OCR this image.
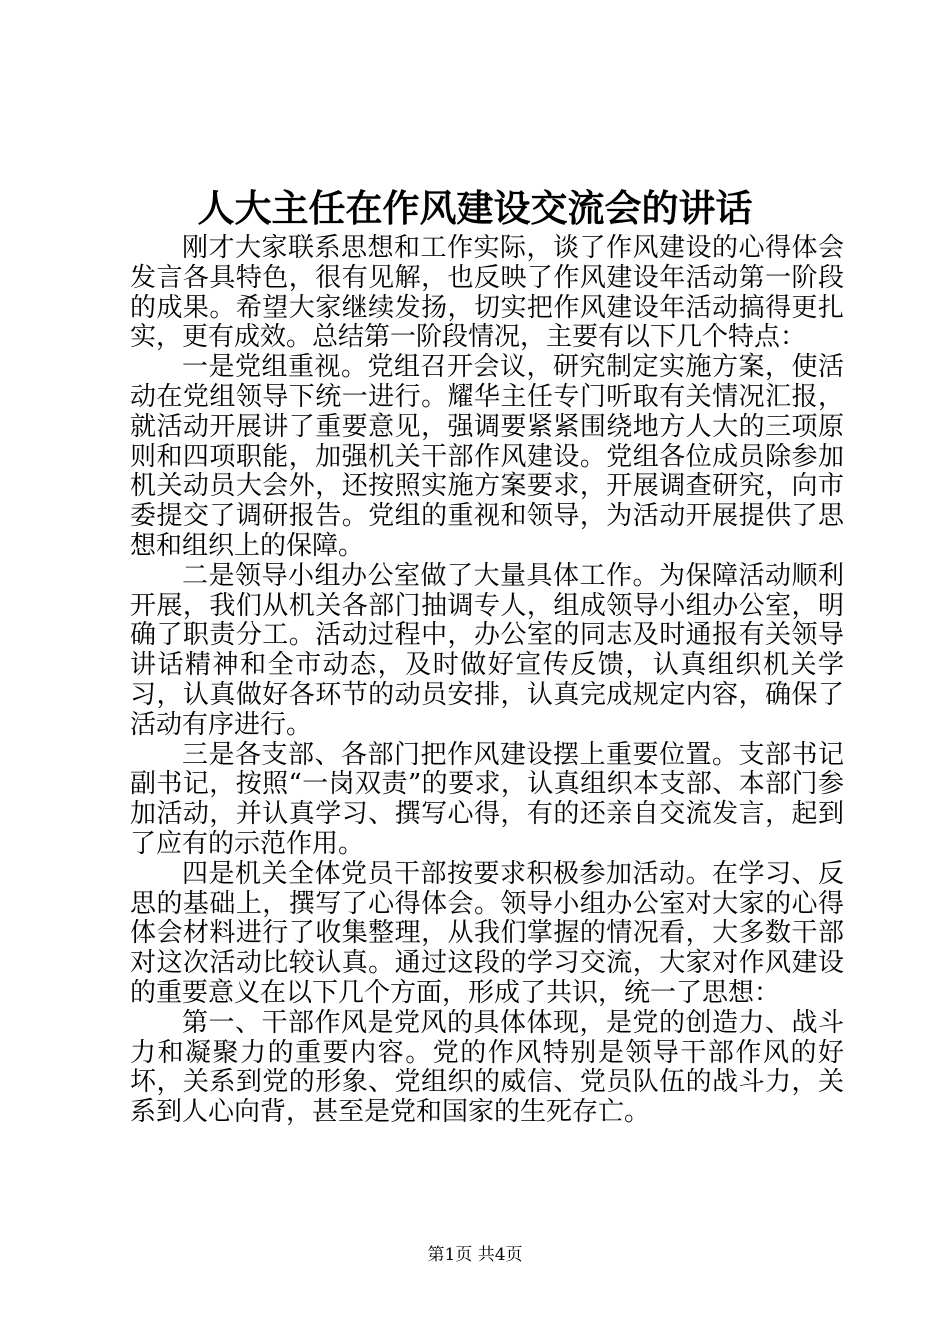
人大主任在作风建设交流会的讲话

刚才大家联系思想和工作实际，谈了作风建设的心得体会发言各具特色，很有见解，也反映了作风建设年活动第一阶段的成果。希望大家继续发扬，切实把作风建设年活动搞得更扎实，更有成效。总结第一阶段情况，主要有以下几个特点：

一是党组重视。党组召开会议，研究制定实施方案，使活动在党组领导下统一进行。耀华主任专门听取有关情况汇报，就活动开展讲了重要意见，强调要紧紧围绕地方人大的三项原则和四项职能，加强机关干部作风建设。党组各位成员除参加机关动员大会外，还按照实施方案要求，开展调查研究，向市委提交了调研报告。党组的重视和领导，为活动开展提供了思想和组织上的保障。

二是领导小组办公室做了大量具体工作。为保障活动顺利开展，我们从机关各部门抽调专人，组成领导小组办公室，明确了职责分工。活动过程中，办公室的同志及时通报有关领导讲话精神和全市动态，及时做好宣传反馈，认真组织机关学习，认真做好各环节的动员安排，认真完成规定内容，确保了活动有序进行。

三是各支部、各部门把作风建设摆上重要位置。支部书记副书记，按照“一岗双责”的要求，认真组织本支部、本部门参加活动，并认真学习、撰写心得，有的还亲自交流发言，起到了应有的示范作用。

四是机关全体党员干部按要求积极参加活动。在学习、反思的基础上，撰写了心得体会。领导小组办公室对大家的心得体会材料进行了收集整理，从我们掌握的情况看，大多数干部对这次活动比较认真。通过这段的学习交流，大家对作风建设的重要意义在以下几个方面，形成了共识，统一了思想：

第一、干部作风是党风的具体体现，是党的创造力、战斗力和凝聚力的重要内容。党的作风特别是领导干部作风的好坏，关系到党的形象、党组织的威信、党员队伍的战斗力，关系到人心向背，甚至是党和国家的生死存亡。

第1页 共4页
